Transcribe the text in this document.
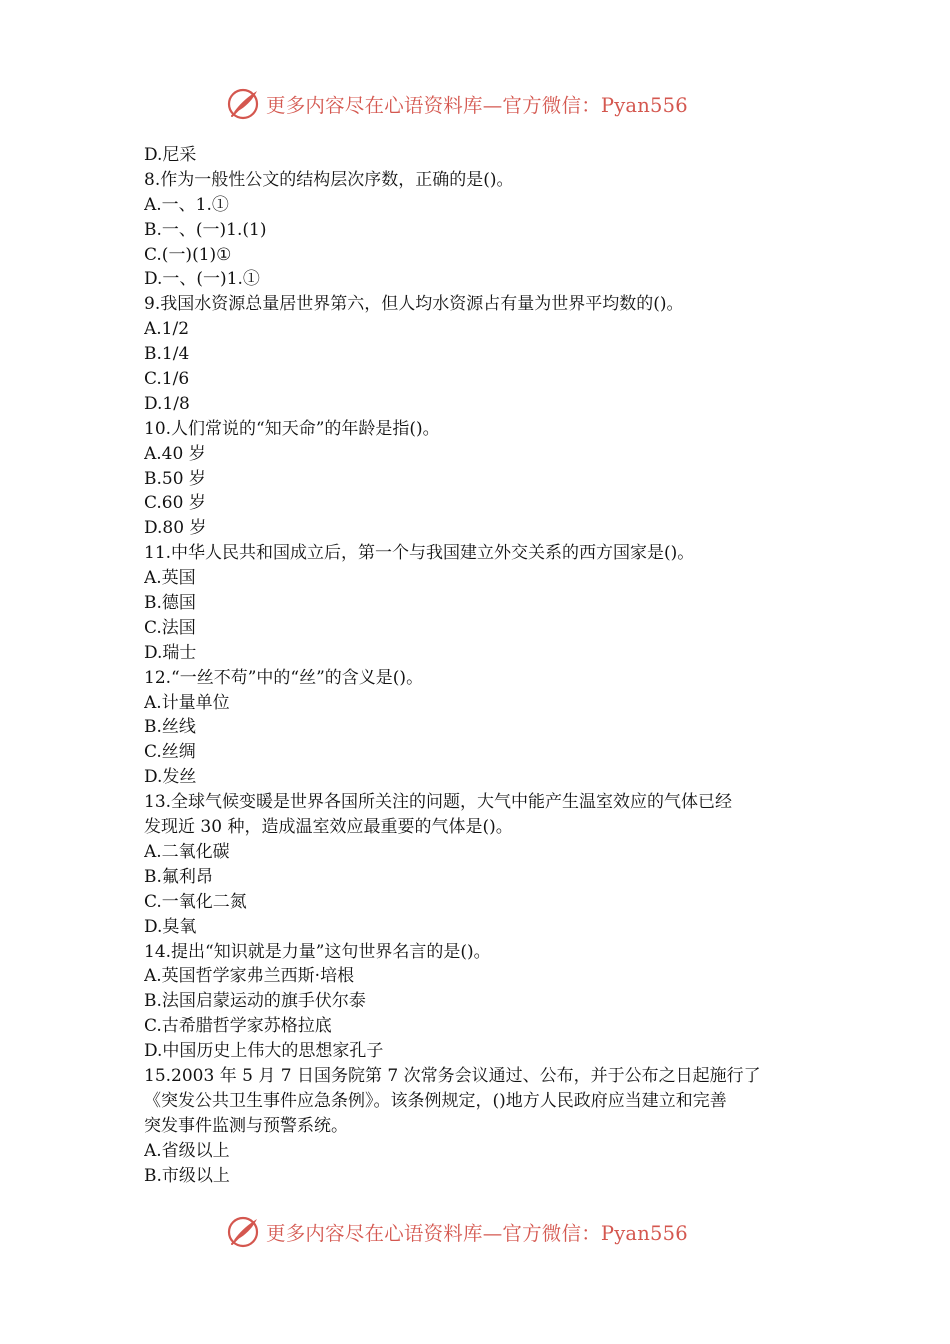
更多内容尽在心语资料库—官方微信：Pyan556
D.尼采
8.作为一般性公文的结构层次序数，正确的是()。
A.一、1.①
B.一、(一)1.(1)
C.(一)(1)①
D.一、(一)1.①
9.我国水资源总量居世界第六，但人均水资源占有量为世界平均数的()。
A.1/2
B.1/4
C.1/6
D.1/8
10.人们常说的“知天命”的年龄是指()。
A.40 岁
B.50 岁
C.60 岁
D.80 岁
11.中华人民共和国成立后，第一个与我国建立外交关系的西方国家是()。
A.英国
B.德国
C.法国
D.瑞士
12.“一丝不苟”中的“丝”的含义是()。
A.计量单位
B.丝线
C.丝绸
D.发丝
13.全球气候变暖是世界各国所关注的问题，大气中能产生温室效应的气体已经
发现近 30 种，造成温室效应最重要的气体是()。
A.二氧化碳
B.氟利昂
C.一氧化二氮
D.臭氧
14.提出“知识就是力量”这句世界名言的是()。
A.英国哲学家弗兰西斯·培根
B.法国启蒙运动的旗手伏尔泰
C.古希腊哲学家苏格拉底
D.中国历史上伟大的思想家孔子
15.2003 年 5 月 7 日国务院第 7 次常务会议通过、公布，并于公布之日起施行了
《突发公共卫生事件应急条例》。该条例规定，()地方人民政府应当建立和完善
突发事件监测与预警系统。
A.省级以上
B.市级以上
更多内容尽在心语资料库—官方微信：Pyan556
